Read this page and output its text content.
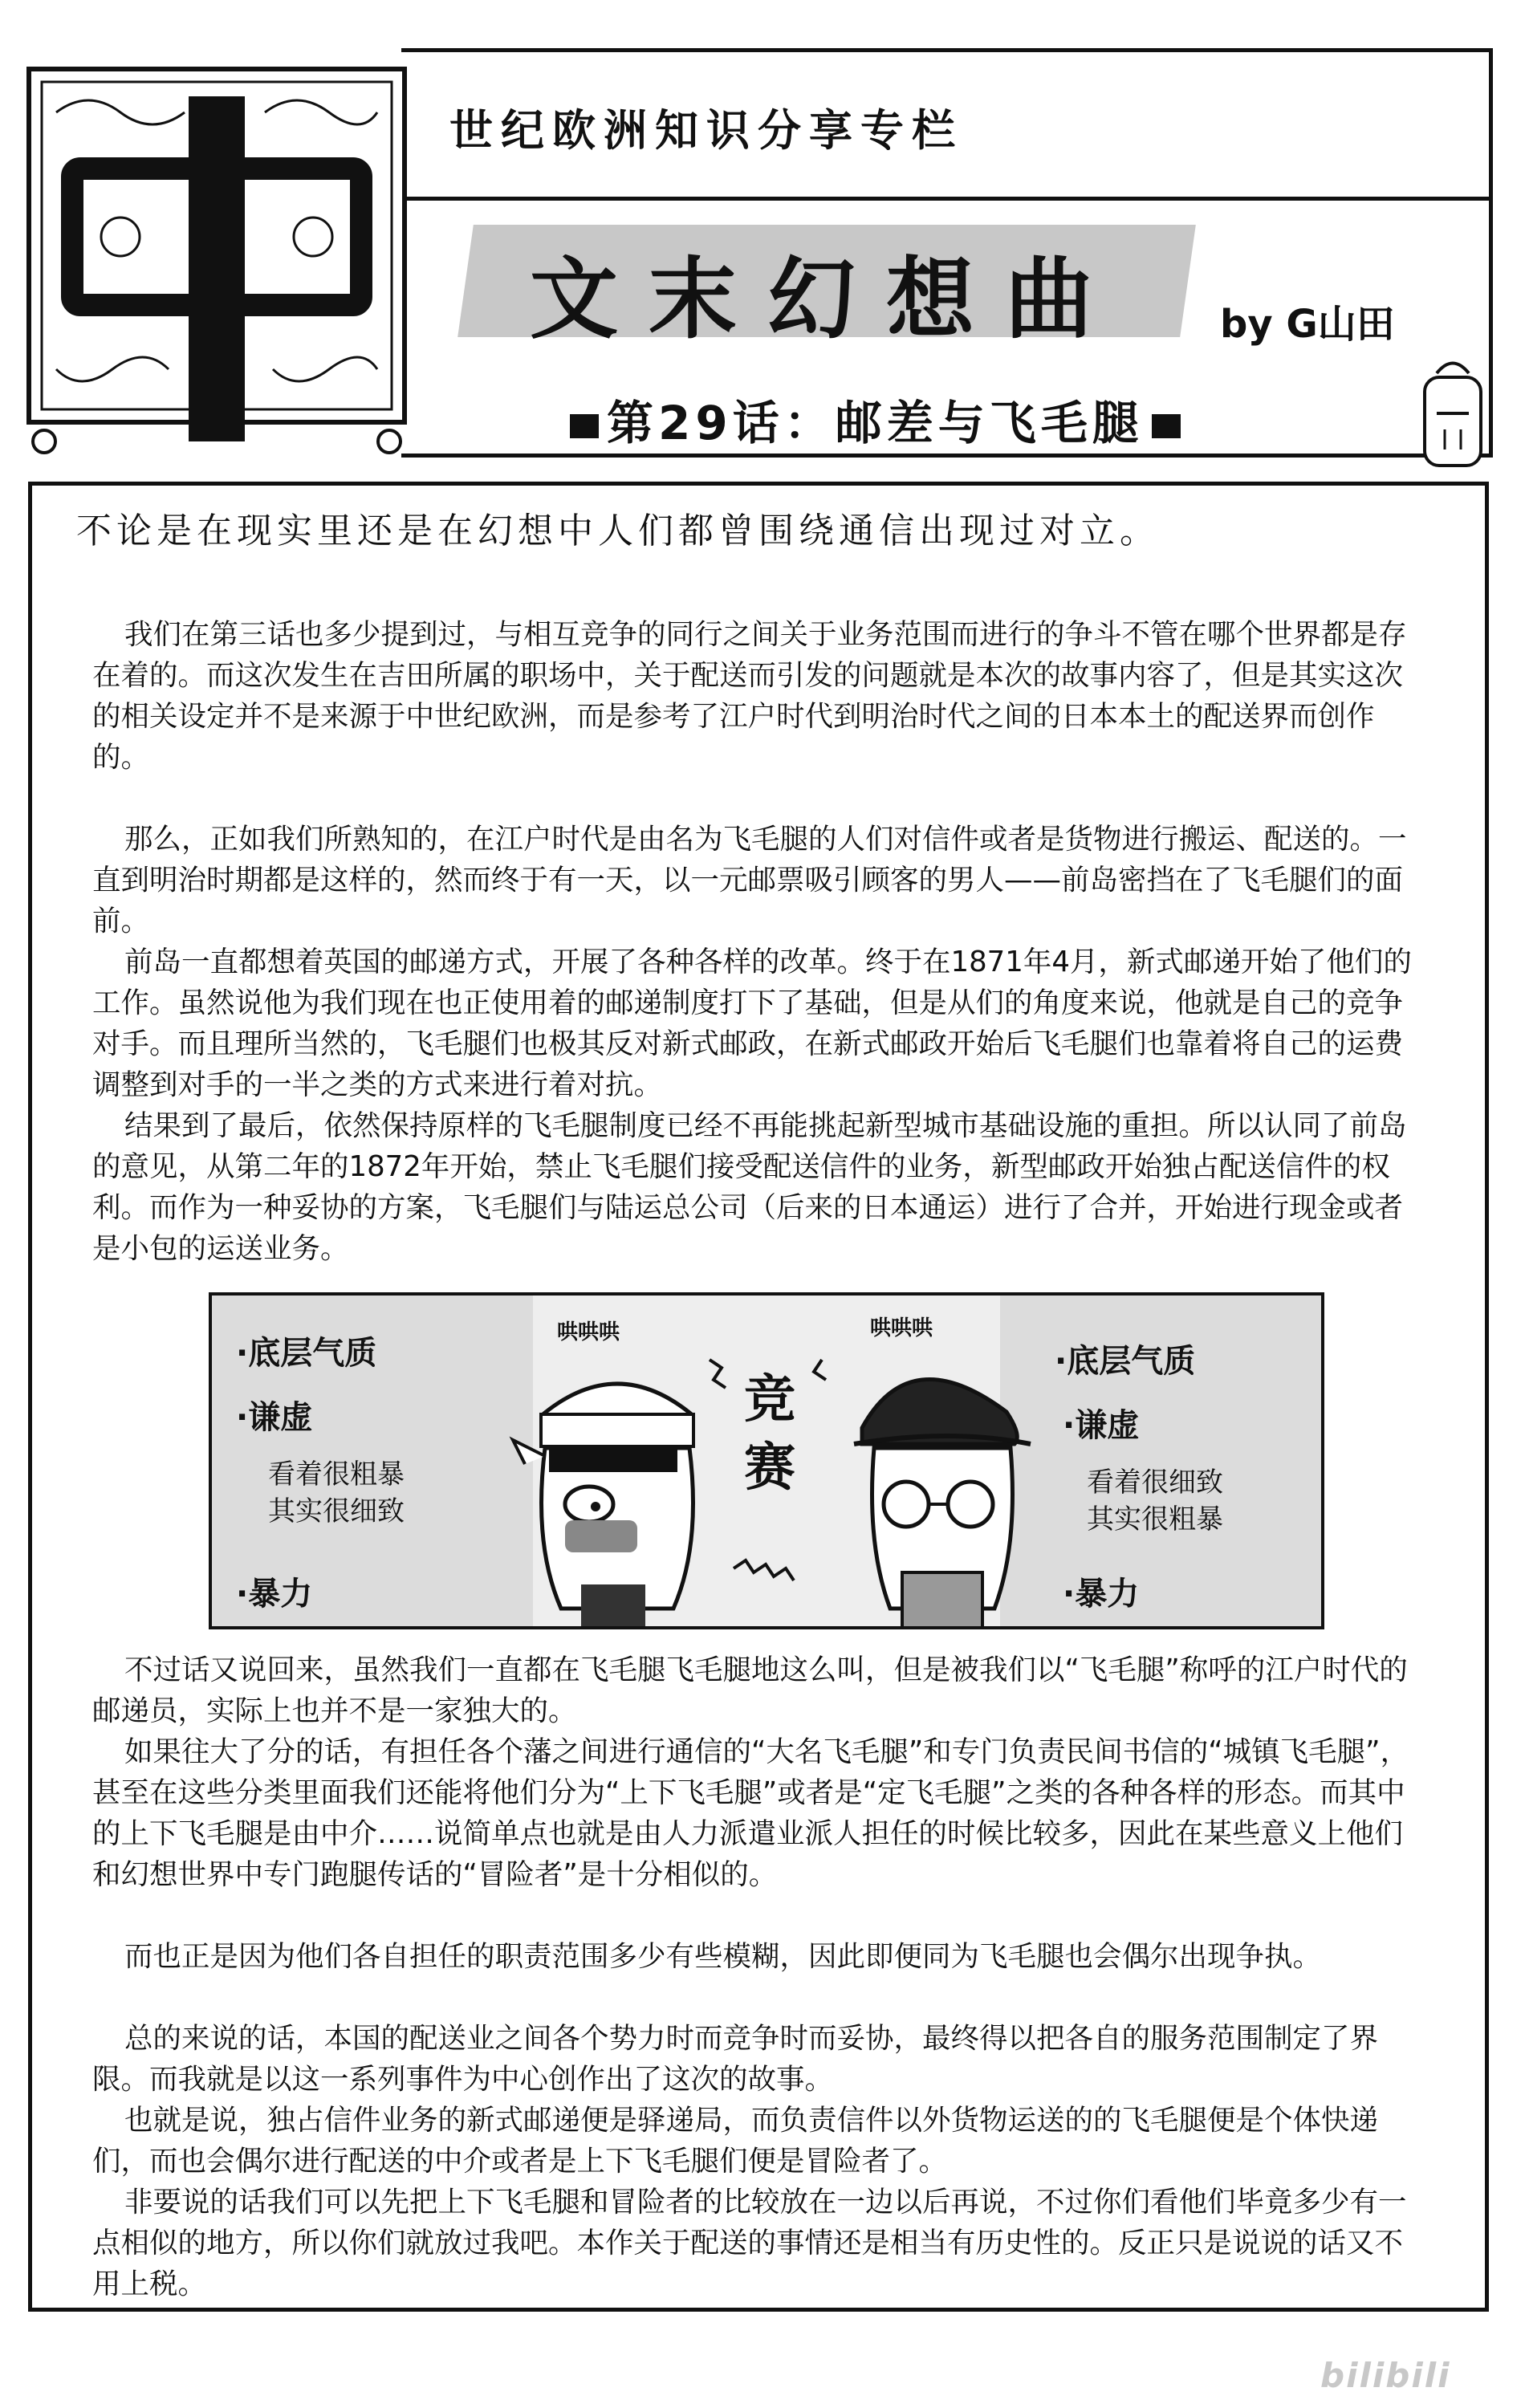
世纪欧洲知识分享专栏
文末幻想曲	by G山田
第29话：邮差与飞毛腿
不论是在现实里还是在幻想中人们都曾围绕通信出现过对立。

我们在第三话也多少提到过，与相互竞争的同行之间关于业务范围而进行的争斗不管在哪个世界都是存在着的。而这次发生在吉田所属的职场中，关于配送而引发的问题就是本次的故事内容了，但是其实这次的相关设定并不是来源于中世纪欧洲，而是参考了江户时代到明治时代之间的日本本土的配送界而创作的。

那么，正如我们所熟知的，在江户时代是由名为飞毛腿的人们对信件或者是货物进行搬运、配送的。一直到明治时期都是这样的，然而终于有一天，以一元邮票吸引顾客的男人——前岛密挡在了飞毛腿们的面前。

前岛一直都想着英国的邮递方式，开展了各种各样的改革。终于在1871年4月，新式邮递开始了他们的工作。虽然说他为我们现在也正使用着的邮递制度打下了基础，但是从们的角度来说，他就是自己的竞争对手。而且理所当然的，飞毛腿们也极其反对新式邮政，在新式邮政开始后飞毛腿们也靠着将自己的运费调整到对手的一半之类的方式来进行着对抗。

结果到了最后，依然保持原样的飞毛腿制度已经不再能挑起新型城市基础设施的重担。所以认同了前岛的意见，从第二年的1872年开始，禁止飞毛腿们接受配送信件的业务，新型邮政开始独占配送信件的权利。而作为一种妥协的方案，飞毛腿们与陆运总公司（后来的日本通运）进行了合并，开始进行现金或者是小包的运送业务。

·底层气质
·谦虚
看着很粗暴
其实很细致
·暴力
哄哄哄
竞
赛
哄哄哄
·底层气质
·谦虚
看着很细致
其实很粗暴
·暴力

不过话又说回来，虽然我们一直都在飞毛腿飞毛腿地这么叫，但是被我们以“飞毛腿”称呼的江户时代的邮递员，实际上也并不是一家独大的。

如果往大了分的话，有担任各个藩之间进行通信的“大名飞毛腿”和专门负责民间书信的“城镇飞毛腿”，甚至在这些分类里面我们还能将他们分为“上下飞毛腿”或者是“定飞毛腿”之类的各种各样的形态。而其中的上下飞毛腿是由中介……说简单点也就是由人力派遣业派人担任的时候比较多，因此在某些意义上他们和幻想世界中专门跑腿传话的“冒险者”是十分相似的。

而也正是因为他们各自担任的职责范围多少有些模糊，因此即便同为飞毛腿也会偶尔出现争执。

总的来说的话，本国的配送业之间各个势力时而竞争时而妥协，最终得以把各自的服务范围制定了界限。而我就是以这一系列事件为中心创作出了这次的故事。

也就是说，独占信件业务的新式邮递便是驿递局，而负责信件以外货物运送的的飞毛腿便是个体快递们，而也会偶尔进行配送的中介或者是上下飞毛腿们便是冒险者了。

非要说的话我们可以先把上下飞毛腿和冒险者的比较放在一边以后再说，不过你们看他们毕竟多少有一点相似的地方，所以你们就放过我吧。本作关于配送的事情还是相当有历史性的。反正只是说说的话又不用上税。

bilibili
